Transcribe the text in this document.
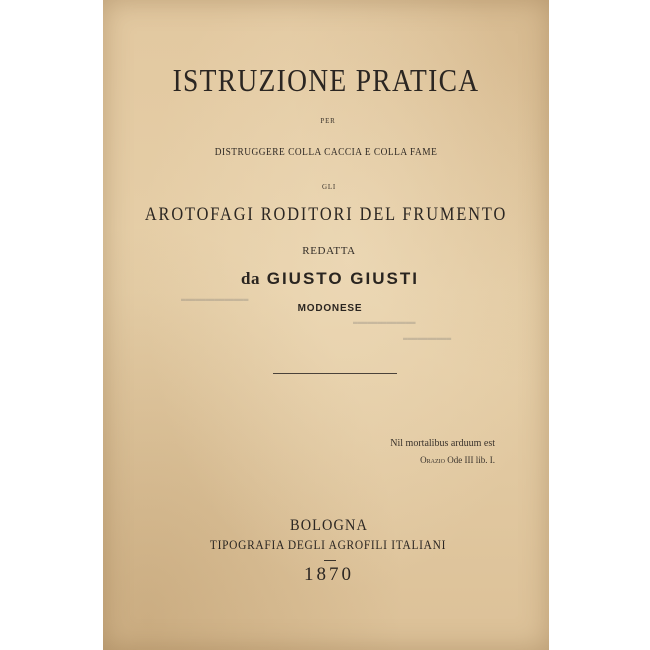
ISTRUZIONE PRATICA
PER
DISTRUGGERE COLLA CACCIA E COLLA FAME
GLI
AROTOFAGI RODITORI DEL FRUMENTO
REDATTA
da GIUSTO GIUSTI
MODONESE
▬▬▬▬▬▬▬▬▬▬▬▬▬▬
▬▬▬▬▬▬▬▬▬▬▬▬▬
▬▬▬▬▬▬▬▬▬▬
Nil mortalibus arduum est
Orazio Ode III lib. I.
BOLOGNA
TIPOGRAFIA DEGLI AGROFILI ITALIANI
1870
